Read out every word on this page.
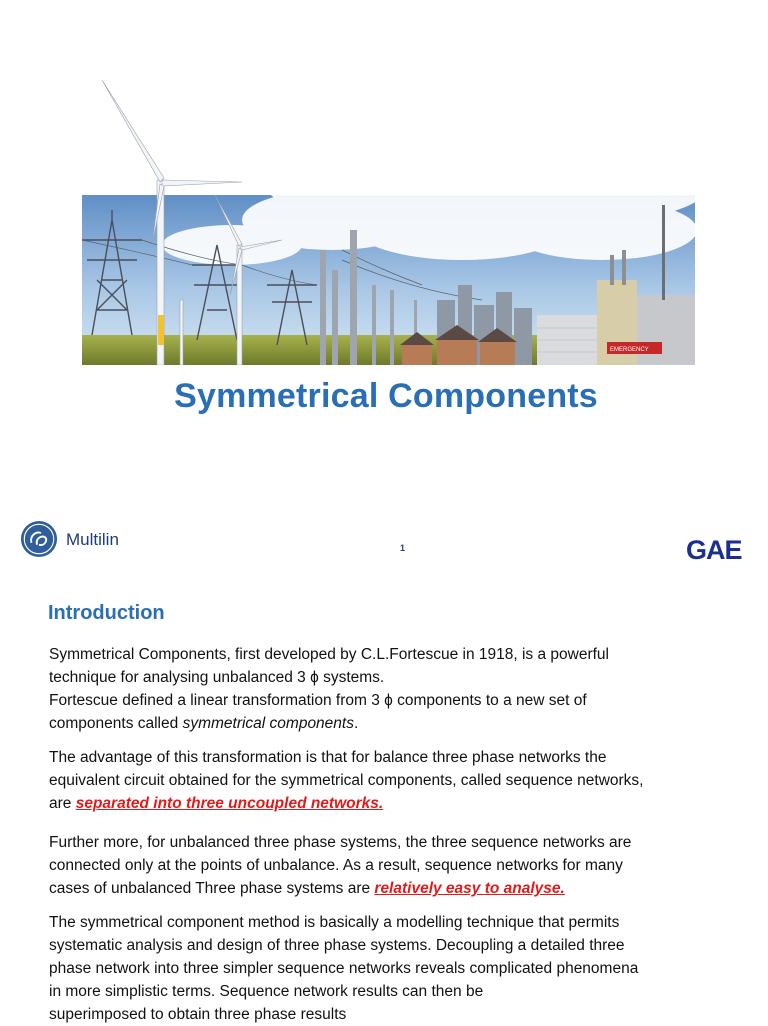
EMERGENCY
Symmetrical Components
Multilin	1	GAE
Introduction
Symmetrical Components, first developed by C.L.Fortescue in 1918, is a powerful
technique for analysing unbalanced 3 ϕ systems.
Fortescue defined a linear transformation from 3 ϕ components to a new set of
components called symmetrical components.
The advantage of this transformation is that for balance three phase networks the
equivalent circuit obtained for the symmetrical components, called sequence networks,
are separated into three uncoupled networks.
Further more, for unbalanced three phase systems, the three sequence networks are
connected only at the points of unbalance. As a result, sequence networks for many
cases of unbalanced Three phase systems are relatively easy to analyse.
The symmetrical component method is basically a modelling technique that permits
systematic analysis and design of three phase systems. Decoupling a detailed three
phase network into three simpler sequence networks reveals complicated phenomena
in more simplistic terms. Sequence network results can then be
superimposed to obtain three phase results
